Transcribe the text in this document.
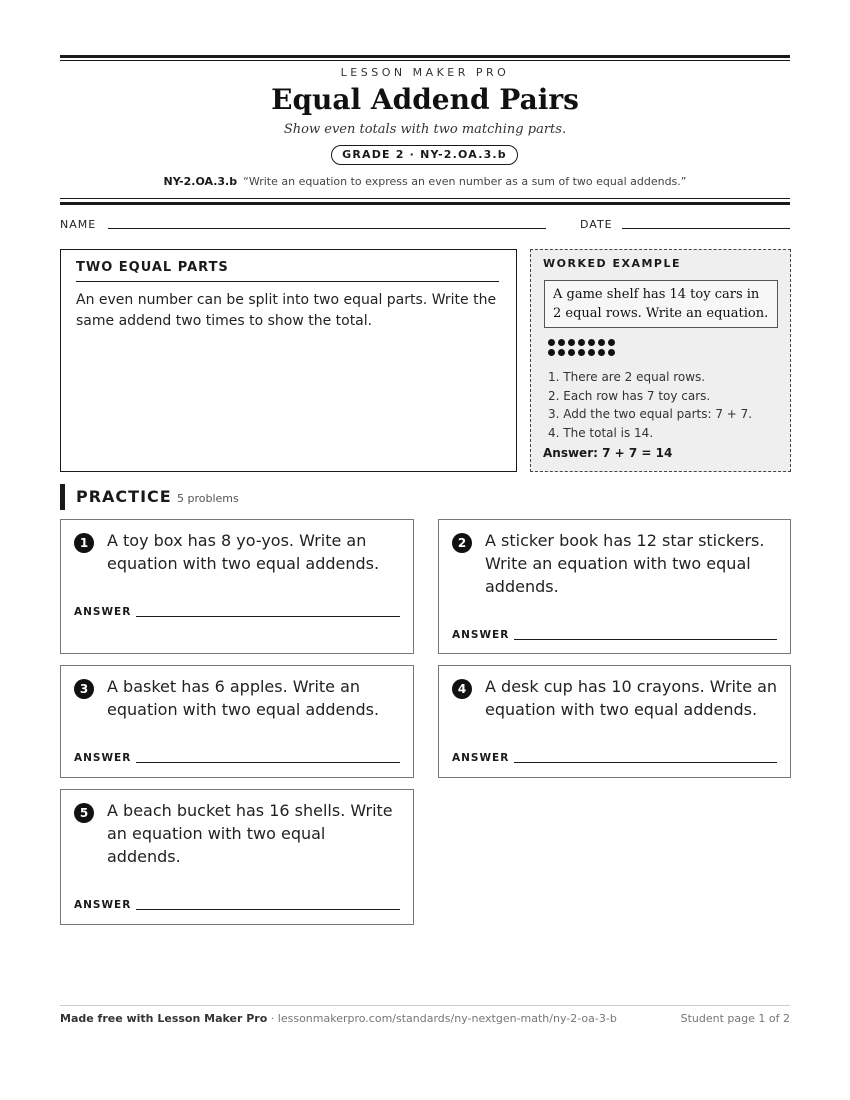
LESSON MAKER PRO
Equal Addend Pairs
Show even totals with two matching parts.
GRADE 2 · NY-2.OA.3.b
NY-2.OA.3.b “Write an equation to express an even number as a sum of two equal addends.”
NAME	DATE
TWO EQUAL PARTS
An even number can be split into two equal parts. Write the same addend two times to show the total.
WORKED EXAMPLE
A game shelf has 14 toy cars in 2 equal rows. Write an equation.
1. There are 2 equal rows.
2. Each row has 7 toy cars.
3. Add the two equal parts: 7 + 7.
4. The total is 14.
Answer: 7 + 7 = 14
PRACTICE 5 problems
1	A toy box has 8 yo-yos. Write an equation with two equal addends.
ANSWER
2	A sticker book has 12 star stickers. Write an equation with two equal addends.
ANSWER
3	A basket has 6 apples. Write an equation with two equal addends.
ANSWER
4	A desk cup has 10 crayons. Write an equation with two equal addends.
ANSWER
5	A beach bucket has 16 shells. Write an equation with two equal addends.
ANSWER
Made free with Lesson Maker Pro · lessonmakerpro.com/standards/ny-nextgen-math/ny-2-oa-3-b	Student page 1 of 2
